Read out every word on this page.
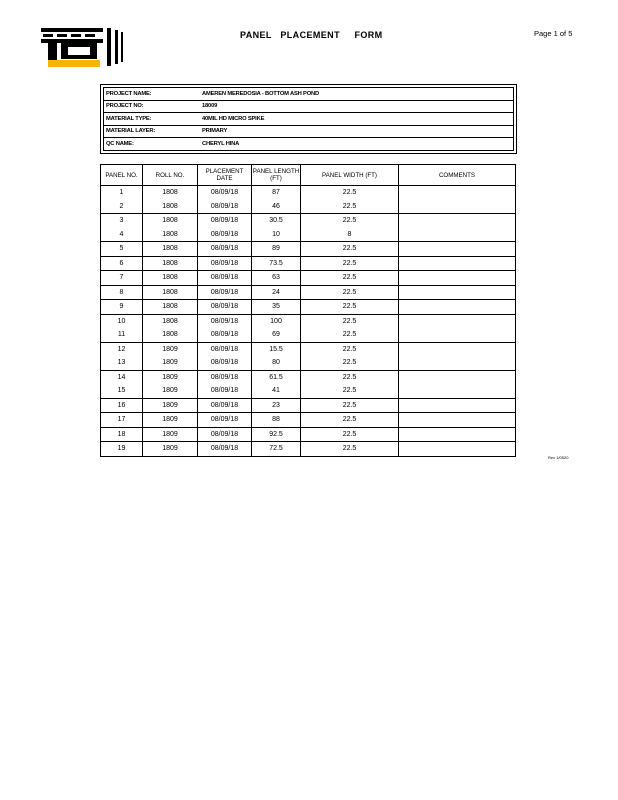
PANEL   PLACEMENT     FORM	Page 1 of 5
PROJECT NAME:	AMEREN MEREDOSIA - BOTTOM ASH POND
PROJECT NO:	18009
MATERIAL TYPE:	40MIL HD MICRO SPIKE
MATERIAL LAYER:	PRIMARY
QC NAME:	CHERYL HINA
PANEL NO.	ROLL NO.	PLACEMENT DATE	PANEL LENGTH (FT)	PANEL WIDTH (FT)	COMMENTS
1	1808	08/09/18	87	22.5	
2	1808	08/09/18	46	22.5	
3	1808	08/09/18	30.5	22.5	
4	1808	08/09/18	10	8	
5	1808	08/09/18	89	22.5	
6	1808	08/09/18	73.5	22.5	
7	1808	08/09/18	63	22.5	
8	1808	08/09/18	24	22.5	
9	1808	08/09/18	35	22.5	
10	1808	08/09/18	100	22.5	
11	1808	08/09/18	69	22.5	
12	1809	08/09/18	15.5	22.5	
13	1809	08/09/18	80	22.5	
14	1809	08/09/18	61.5	22.5	
15	1809	08/09/18	41	22.5	
16	1809	08/09/18	23	22.5	
17	1809	08/09/18	88	22.5	
18	1809	08/09/18	92.5	22.5	
19	1809	08/09/18	72.5	22.5	
Rev 1/0520
